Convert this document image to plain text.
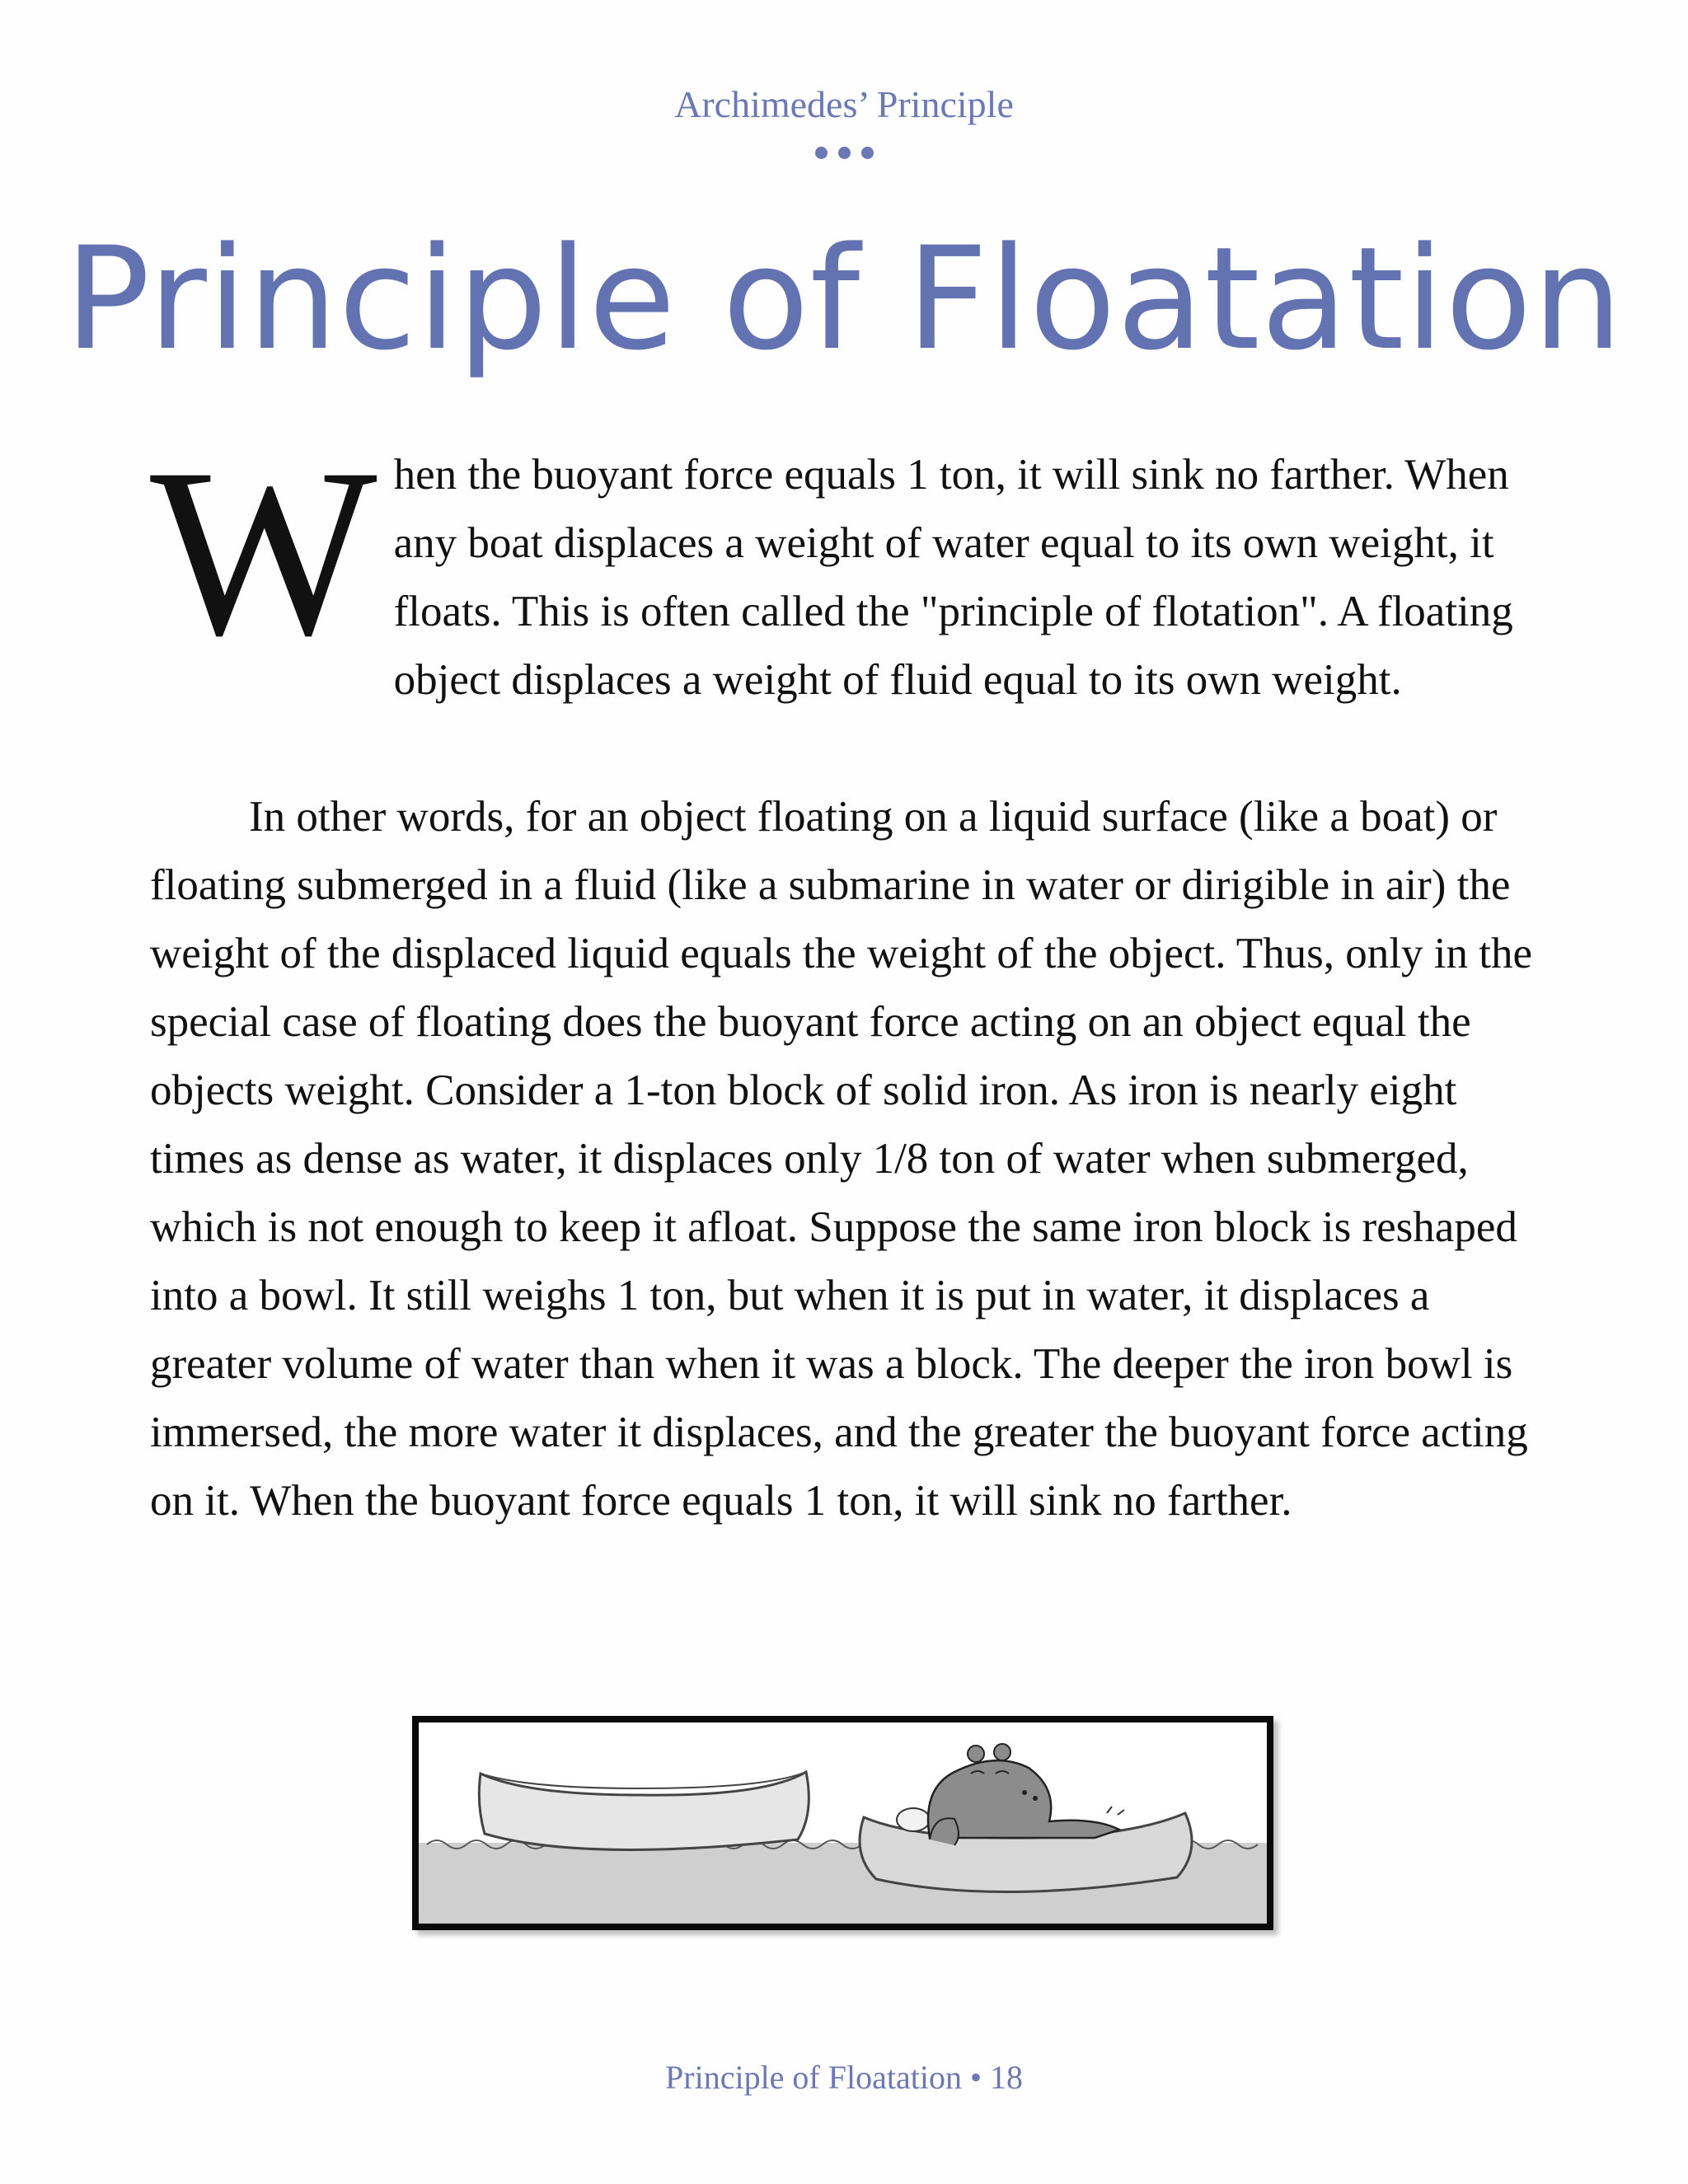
Archimedes’ Principle
Principle of Floatation

When the buoyant force equals 1 ton, it will sink no farther. When any boat displaces a weight of water equal to its own weight, it floats. This is often called the "principle of flotation". A floating object displaces a weight of fluid equal to its own weight.

In other words, for an object floating on a liquid surface (like a boat) or floating submerged in a fluid (like a submarine in water or dirigible in air) the weight of the displaced liquid equals the weight of the object. Thus, only in the special case of floating does the buoyant force acting on an object equal the objects weight. Consider a 1-ton block of solid iron. As iron is nearly eight times as dense as water, it displaces only 1/8 ton of water when submerged, which is not enough to keep it afloat. Suppose the same iron block is reshaped into a bowl. It still weighs 1 ton, but when it is put in water, it displaces a greater volume of water than when it was a block. The deeper the iron bowl is immersed, the more water it displaces, and the greater the buoyant force acting on it. When the buoyant force equals 1 ton, it will sink no farther.

Principle of Floatation • 18
